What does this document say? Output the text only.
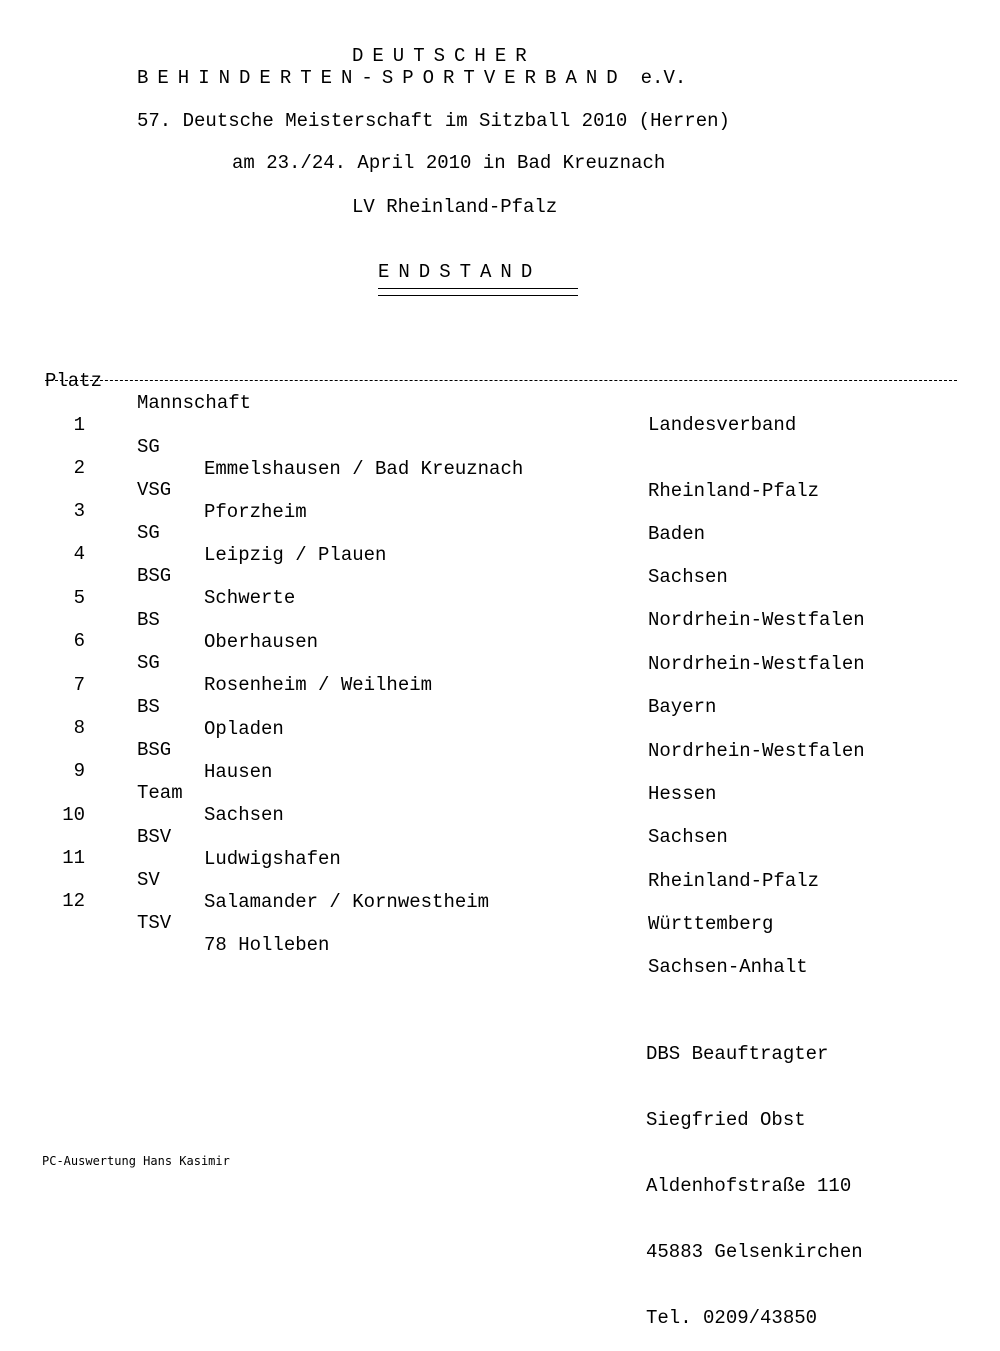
DEUTSCHER
BEHINDERTEN-SPORTVERBAND e.V.
57. Deutsche Meisterschaft im Sitzball 2010 (Herren)
am 23./24. April 2010 in Bad Kreuznach
LV Rheinland-Pfalz
ENDSTAND

Platz

Mannschaft

Landesverband

1

SG

Emmelshausen / Bad Kreuznach

Rheinland-Pfalz

2

VSG

Pforzheim

Baden

3

SG

Leipzig / Plauen

Sachsen

4

BSG

Schwerte

Nordrhein-Westfalen

5

BS

Oberhausen

Nordrhein-Westfalen

6

SG

Rosenheim / Weilheim

Bayern

7

BS

Opladen

Nordrhein-Westfalen

8

BSG

Hausen

Hessen

9

Team

Sachsen

Sachsen

10

BSV

Ludwigshafen

Rheinland-Pfalz

11

SV

Salamander / Kornwestheim

Württemberg

12

TSV

78 Holleben

Sachsen-Anhalt

DBS Beauftragter

Siegfried Obst

Aldenhofstraße 110

45883 Gelsenkirchen

Tel. 0209/43850

PC-Auswertung Hans Kasimir
